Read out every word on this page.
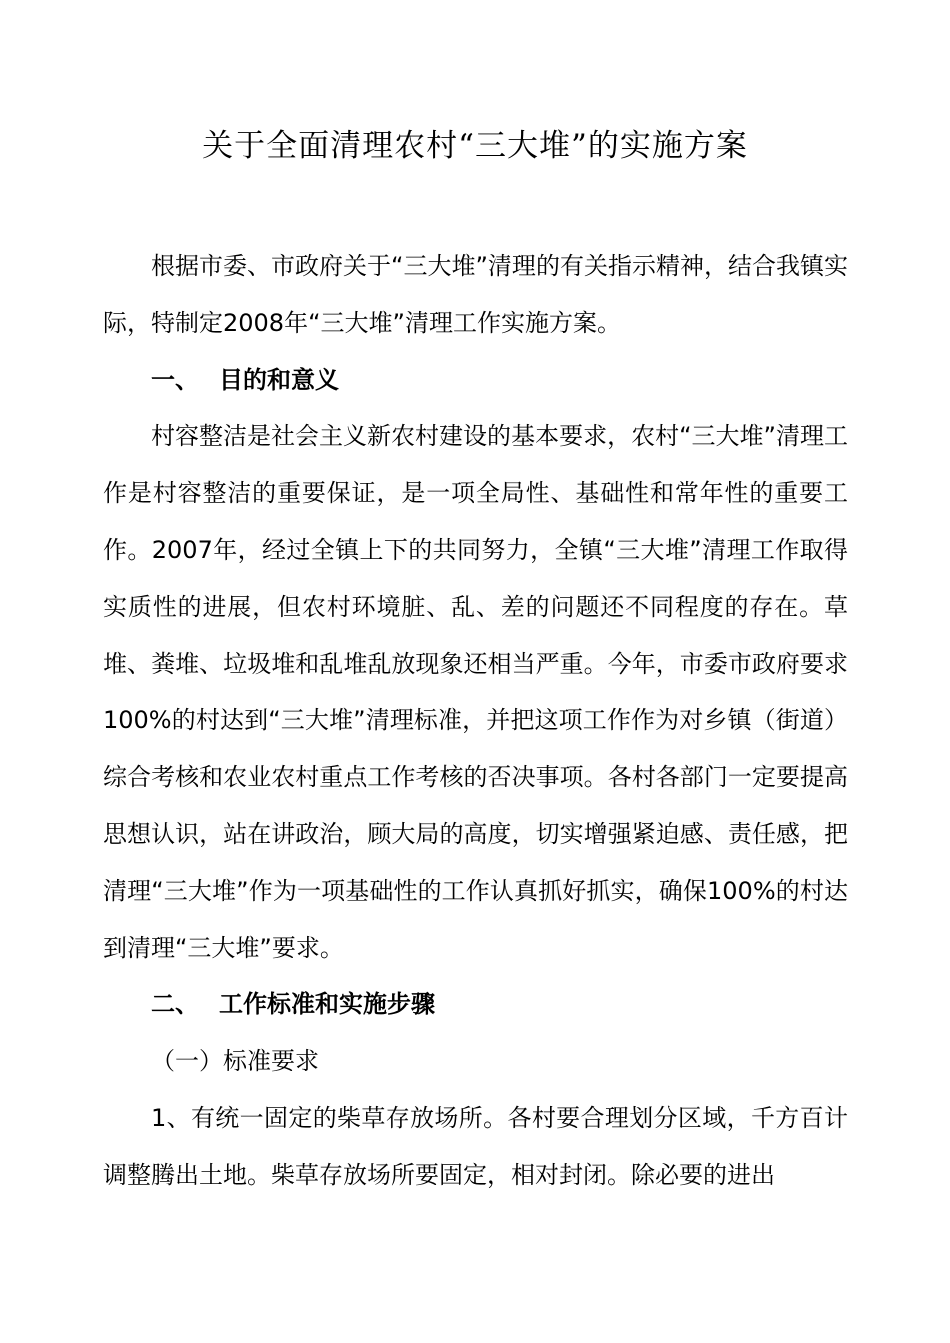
关于全面清理农村“三大堆”的实施方案

根据市委、市政府关于“三大堆”清理的有关指示精神，结合我镇实际，特制定2008年“三大堆”清理工作实施方案。

一、 目的和意义

村容整洁是社会主义新农村建设的基本要求，农村“三大堆”清理工作是村容整洁的重要保证，是一项全局性、基础性和常年性的重要工作。2007年，经过全镇上下的共同努力，全镇“三大堆”清理工作取得实质性的进展，但农村环境脏、乱、差的问题还不同程度的存在。草堆、粪堆、垃圾堆和乱堆乱放现象还相当严重。今年，市委市政府要求 100%的村达到“三大堆”清理标准，并把这项工作作为对乡镇（街道）综合考核和农业农村重点工作考核的否决事项。各村各部门一定要提高思想认识，站在讲政治，顾大局的高度，切实增强紧迫感、责任感，把清理“三大堆”作为一项基础性的工作认真抓好抓实，确保100%的村达到清理“三大堆”要求。

二、 工作标准和实施步骤

（一）标准要求

1、有统一固定的柴草存放场所。各村要合理划分区域，千方百计调整腾出土地。柴草存放场所要固定，相对封闭。除必要的进出
